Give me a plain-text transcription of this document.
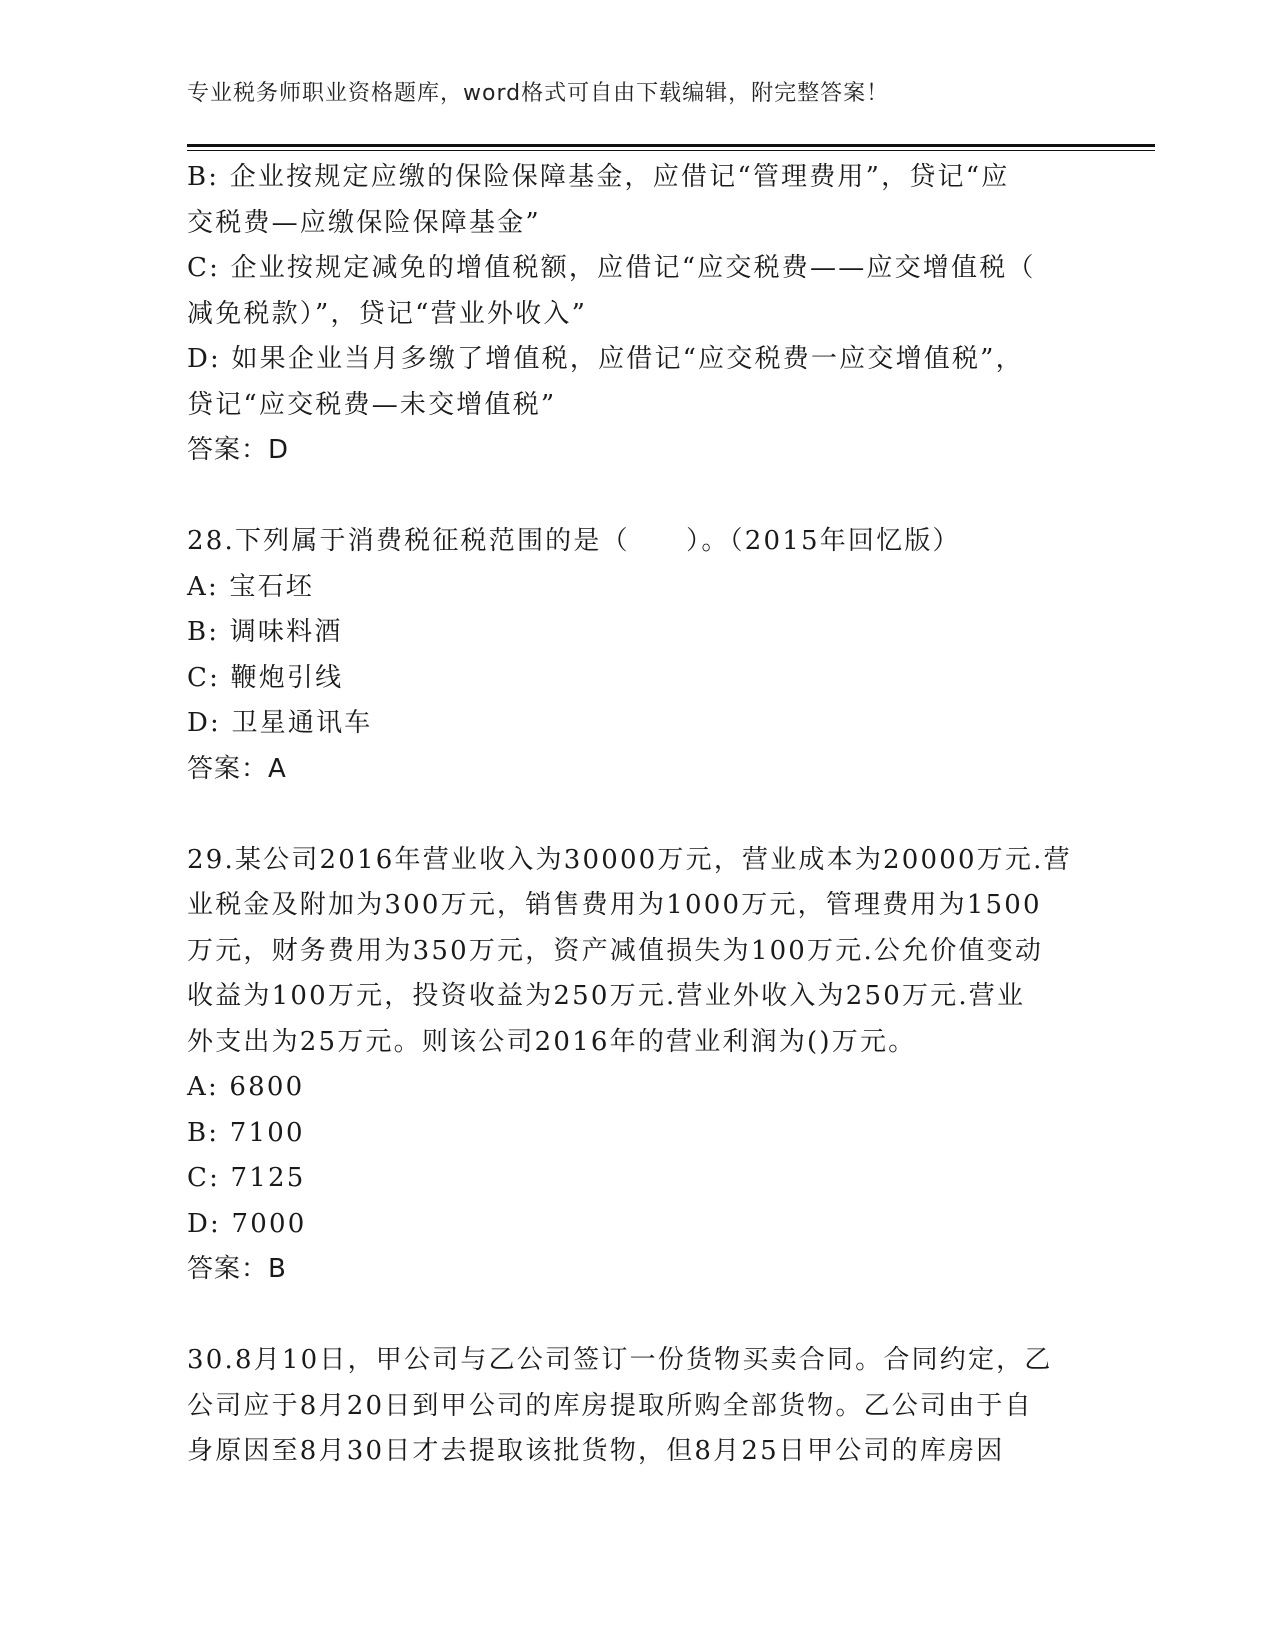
专业税务师职业资格题库，word格式可自由下载编辑，附完整答案！
B: 企业按规定应缴的保险保障基金，应借记“管理费用”，贷记“应
交税费—应缴保险保障基金”
C: 企业按规定减免的增值税额，应借记“应交税费——应交增值税（
减免税款）”，贷记“营业外收入”
D: 如果企业当月多缴了增值税，应借记“应交税费一应交增值税”，
贷记“应交税费—未交增值税”
答案：D
28.下列属于消费税征税范围的是（　　）。（2015年回忆版）
A: 宝石坯
B: 调味料酒
C: 鞭炮引线
D: 卫星通讯车
答案：A
29.某公司2016年营业收入为30000万元，营业成本为20000万元.营
业税金及附加为300万元，销售费用为1000万元，管理费用为1500
万元，财务费用为350万元，资产减值损失为100万元.公允价值变动
收益为100万元，投资收益为250万元.营业外收入为250万元.营业
外支出为25万元。则该公司2016年的营业利润为()万元。
A: 6800
B: 7100
C: 7125
D: 7000
答案：B
30.8月10日，甲公司与乙公司签订一份货物买卖合同。合同约定，乙
公司应于8月20日到甲公司的库房提取所购全部货物。乙公司由于自
身原因至8月30日才去提取该批货物，但8月25日甲公司的库房因
